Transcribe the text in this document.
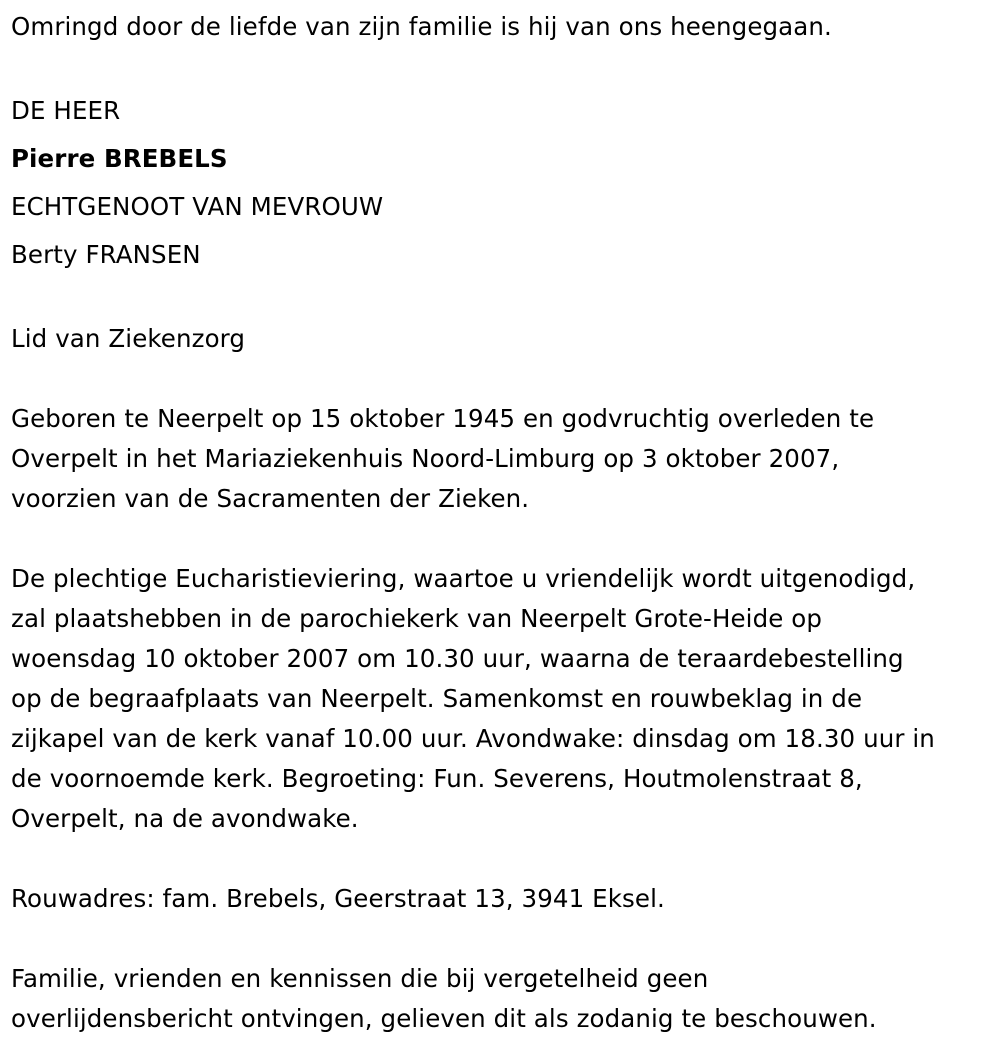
Omringd door de liefde van zijn familie is hij van ons heengegaan.
DE HEER
Pierre BREBELS
ECHTGENOOT VAN MEVROUW
Berty FRANSEN
Lid van Ziekenzorg
Geboren te Neerpelt op 15 oktober 1945 en godvruchtig overleden te
Overpelt in het Mariaziekenhuis Noord-Limburg op 3 oktober 2007,
voorzien van de Sacramenten der Zieken.
De plechtige Eucharistieviering, waartoe u vriendelijk wordt uitgenodigd,
zal plaatshebben in de parochiekerk van Neerpelt Grote-Heide op
woensdag 10 oktober 2007 om 10.30 uur, waarna de teraardebestelling
op de begraafplaats van Neerpelt. Samenkomst en rouwbeklag in de
zijkapel van de kerk vanaf 10.00 uur. Avondwake: dinsdag om 18.30 uur in
de voornoemde kerk. Begroeting: Fun. Severens, Houtmolenstraat 8,
Overpelt, na de avondwake.
Rouwadres: fam. Brebels, Geerstraat 13, 3941 Eksel.
Familie, vrienden en kennissen die bij vergetelheid geen
overlijdensbericht ontvingen, gelieven dit als zodanig te beschouwen.
